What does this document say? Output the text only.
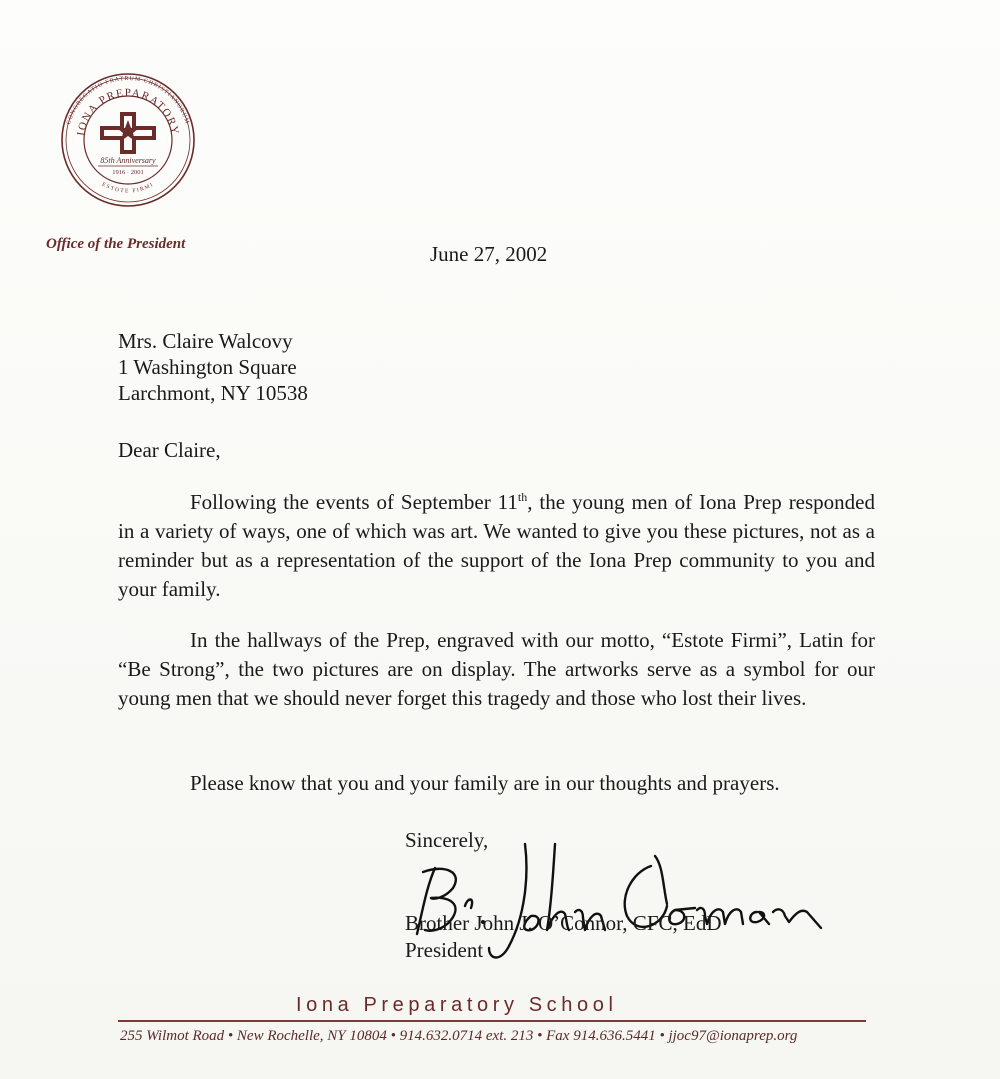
CONGREGATIO FRATRUM CHRISTIANORUM
IONA PREPARATORY
85th Anniversary
1916 · 2001
ESTOTE FIRMI
Office of the President	June 27, 2002
Mrs. Claire Walcovy
1 Washington Square
Larchmont, NY 10538
Dear Claire,

Following the events of September 11th, the young men of Iona Prep responded in a variety of ways, one of which was art. We wanted to give you these pictures, not as a reminder but as a representation of the support of the Iona Prep community to you and your family.

In the hallways of the Prep, engraved with our motto, “Estote Firmi”, Latin for “Be Strong”, the two pictures are on display. The artworks serve as a symbol for our young men that we should never forget this tragedy and those who lost their lives.

Please know that you and your family are in our thoughts and prayers.

Sincerely,
Brother John J. O’Connor, CFC, EdD
President
Iona Preparatory School
255 Wilmot Road • New Rochelle, NY 10804 • 914.632.0714 ext. 213 • Fax 914.636.5441 • jjoc97@ionaprep.org
